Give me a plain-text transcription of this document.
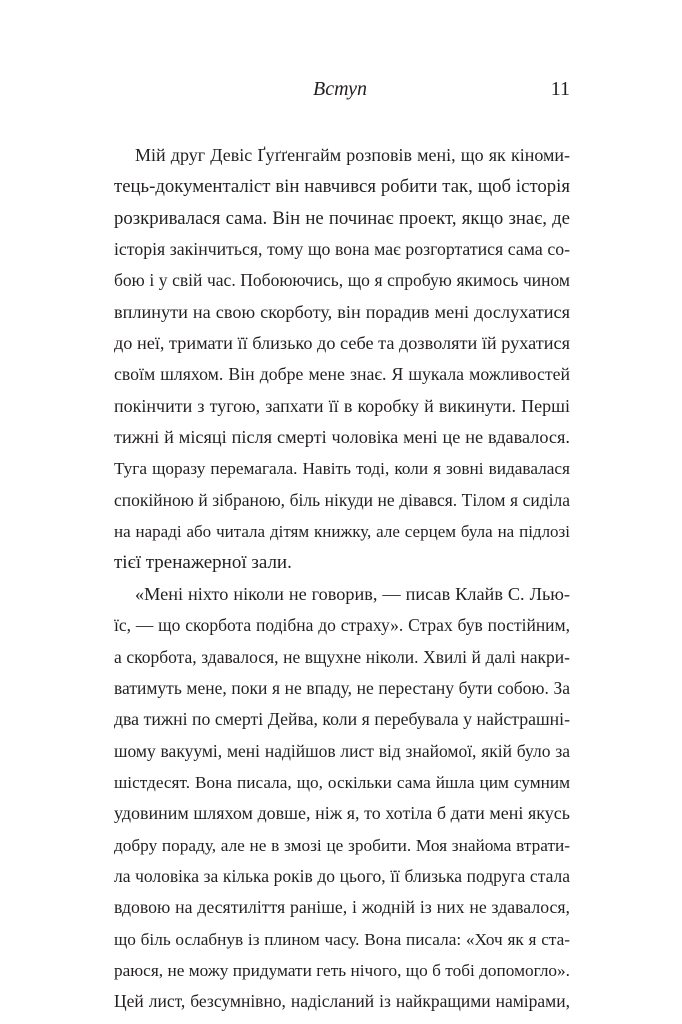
Вступ	11
Мій друг Девіс Ґуґґенгайм розповів мені, що як кіноми-
тець-документаліст він навчився робити так, щоб історія
розкривалася сама. Він не починає проект, якщо знає, де
історія закінчиться, тому що вона має розгортатися сама со-
бою і у свій час. Побоюючись, що я спробую якимось чином
вплинути на свою скорботу, він порадив мені дослухатися
до неї, тримати її близько до себе та дозволяти їй рухатися
своїм шляхом. Він добре мене знає. Я шукала можливостей
покінчити з тугою, запхати її в коробку й викинути. Перші
тижні й місяці після смерті чоловіка мені це не вдавалося.
Туга щоразу перемагала. Навіть тоді, коли я зовні видавалася
спокійною й зібраною, біль нікуди не дівався. Тілом я сиділа
на нараді або читала дітям книжку, але серцем була на підлозі
тієї тренажерної зали.
«Мені ніхто ніколи не говорив, — писав Клайв С. Лью-
їс, — що скорбота подібна до страху». Страх був постійним,
а скорбота, здавалося, не вщухне ніколи. Хвилі й далі накри-
ватимуть мене, поки я не впаду, не перестану бути собою. За
два тижні по смерті Дейва, коли я перебувала у найстрашні-
шому вакуумі, мені надійшов лист від знайомої, якій було за
шістдесят. Вона писала, що, оскільки сама йшла цим сумним
удовиним шляхом довше, ніж я, то хотіла б дати мені якусь
добру пораду, але не в змозі це зробити. Моя знайома втрати-
ла чоловіка за кілька років до цього, її близька подруга стала
вдовою на десятиліття раніше, і жодній із них не здавалося,
що біль ослабнув із плином часу. Вона писала: «Хоч як я ста-
раюся, не можу придумати геть нічого, що б тобі допомогло».
Цей лист, безсумнівно, надісланий із найкращими намірами,
